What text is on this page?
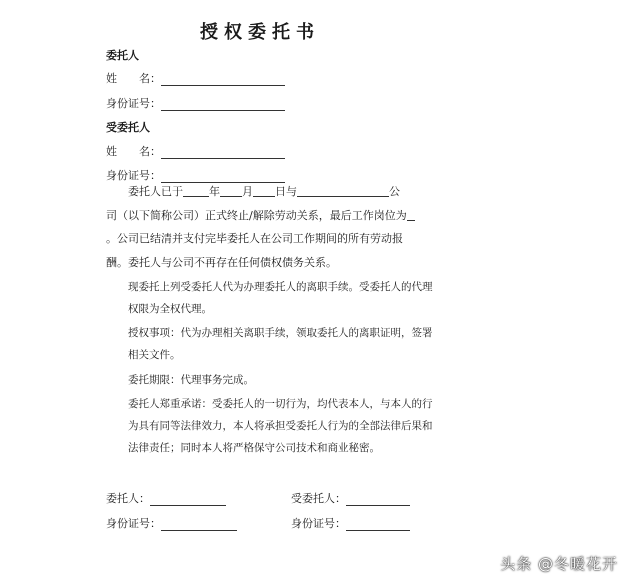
授权委托书
委托人
姓　　名：
身份证号：
受委托人
姓　　名：
身份证号：
委托人已于 年 月 日与	公
司（以下简称公司）正式终止/解除劳动关系，最后工作岗位为
。公司已结清并支付完毕委托人在公司工作期间的所有劳动报
酬。委托人与公司不再存在任何债权债务关系。
现委托上列受委托人代为办理委托人的离职手续。受委托人的代理权限为全权代理。
授权事项：代为办理相关离职手续，领取委托人的离职证明，签署相关文件。
委托期限：代理事务完成。
委托人郑重承诺：受委托人的一切行为，均代表本人，与本人的行为具有同等法律效力，本人将承担受委托人行为的全部法律后果和法律责任；同时本人将严格保守公司技术和商业秘密。
委托人：
身份证号：
受委托人：
身份证号：
头条 @冬暖花开
